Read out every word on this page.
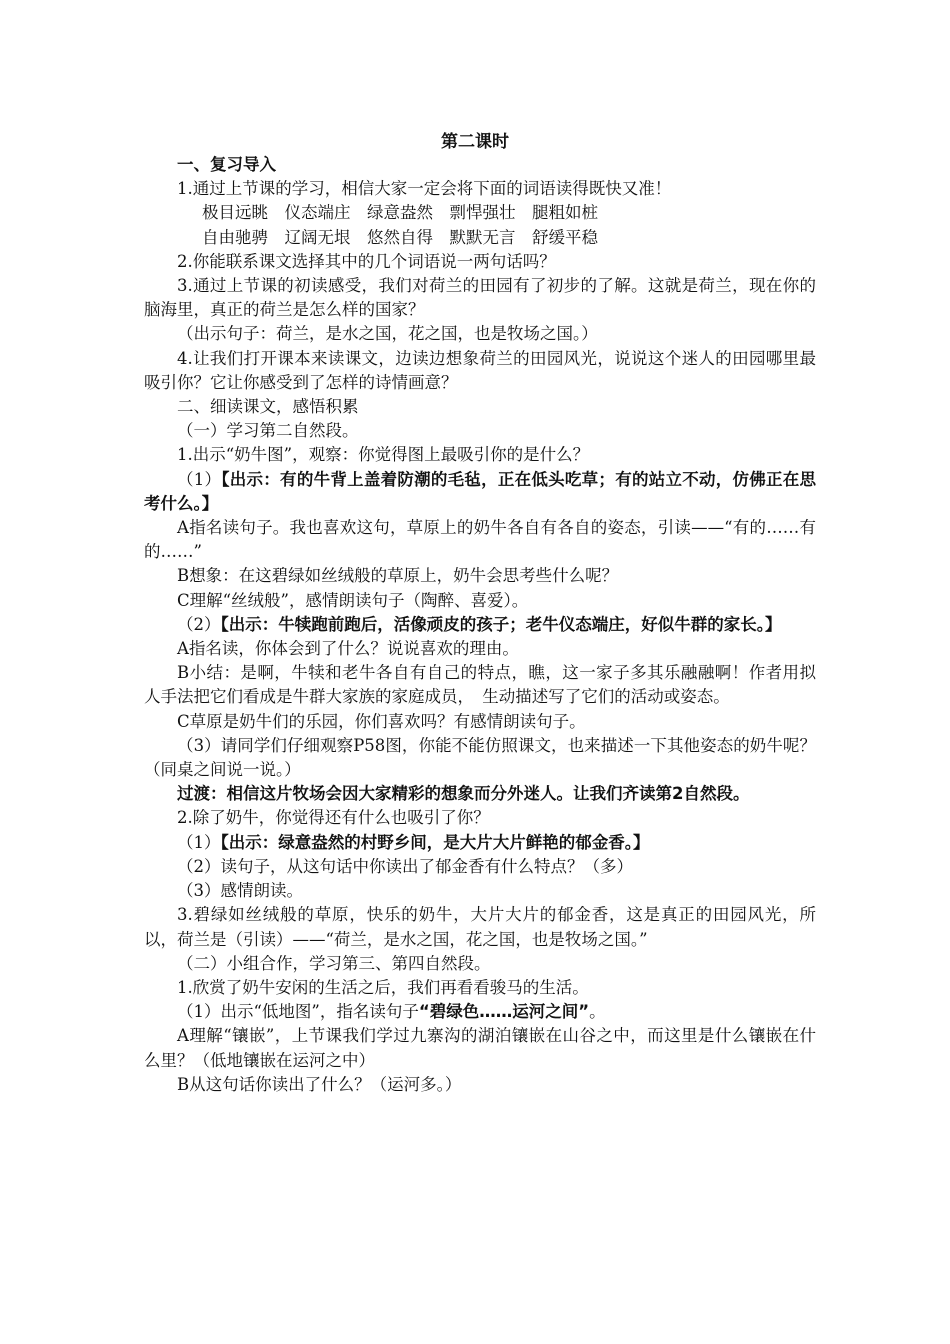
第二课时

一、复习导入

1.通过上节课的学习，相信大家一定会将下面的词语读得既快又准！

极目远眺　仪态端庄　绿意盎然　剽悍强壮　腿粗如桩

自由驰骋　辽阔无垠　悠然自得　默默无言　舒缓平稳

2.你能联系课文选择其中的几个词语说一两句话吗？

3.通过上节课的初读感受，我们对荷兰的田园有了初步的了解。这就是荷兰，现在你的脑海里，真正的荷兰是怎么样的国家？

（出示句子：荷兰，是水之国，花之国，也是牧场之国。）

4.让我们打开课本来读课文，边读边想象荷兰的田园风光，说说这个迷人的田园哪里最吸引你？它让你感受到了怎样的诗情画意？

二、细读课文，感悟积累

（一）学习第二自然段。

1.出示“奶牛图”，观察：你觉得图上最吸引你的是什么？

（1）【出示：有的牛背上盖着防潮的毛毡，正在低头吃草；有的站立不动，仿佛正在思考什么。】

A指名读句子。我也喜欢这句，草原上的奶牛各自有各自的姿态，引读——“有的……有的……”

B想象：在这碧绿如丝绒般的草原上，奶牛会思考些什么呢？

C理解“丝绒般”，感情朗读句子（陶醉、喜爱）。

（2）【出示：牛犊跑前跑后，活像顽皮的孩子；老牛仪态端庄，好似牛群的家长。】

A指名读，你体会到了什么？说说喜欢的理由。

B小结：是啊，牛犊和老牛各自有自己的特点，瞧，这一家子多其乐融融啊！作者用拟人手法把它们看成是牛群大家族的家庭成员，　生动描述写了它们的活动或姿态。

C草原是奶牛们的乐园，你们喜欢吗？有感情朗读句子。

（3）请同学们仔细观察P58图，你能不能仿照课文，也来描述一下其他姿态的奶牛呢？（同桌之间说一说。）

过渡：相信这片牧场会因大家精彩的想象而分外迷人。让我们齐读第2自然段。

2.除了奶牛，你觉得还有什么也吸引了你？

（1）【出示：绿意盎然的村野乡间，是大片大片鲜艳的郁金香。】

（2）读句子，从这句话中你读出了郁金香有什么特点？（多）

（3）感情朗读。

3.碧绿如丝绒般的草原，快乐的奶牛，大片大片的郁金香，这是真正的田园风光，所以，荷兰是（引读）——“荷兰，是水之国，花之国，也是牧场之国。”

（二）小组合作，学习第三、第四自然段。

1.欣赏了奶牛安闲的生活之后，我们再看看骏马的生活。

（1）出示“低地图”，指名读句子“碧绿色……运河之间”。

A理解“镶嵌”，上节课我们学过九寨沟的湖泊镶嵌在山谷之中，而这里是什么镶嵌在什么里？（低地镶嵌在运河之中）

B从这句话你读出了什么？（运河多。）
